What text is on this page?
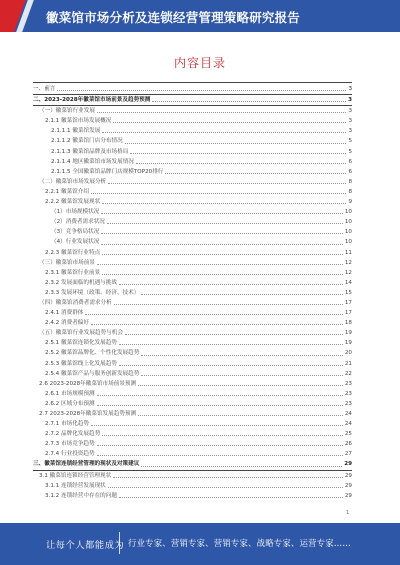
徽菜馆市场分析及连锁经营管理策略研究报告
内容目录
一、前言	3
二、2023-2028年徽菜馆市场前景及趋势预测	3
（一）徽菜馆行业发展	3
2.1.1 徽菜馆市场发展概况	3
2.1.1.1 徽菜馆发展	3
2.1.1.2 徽菜馆门店分布情况	5
2.1.1.3 徽菜馆品牌及市场格局	5
2.1.1.4 地区徽菜馆市场发展情况	6
2.1.1.5 全国徽菜馆品牌门店规模TOP20排行	6
（二）徽菜馆市场发展分析	8
2.2.1 徽菜馆介绍	8
2.2.2 徽菜馆发展现状	9
（1）市场规模状况	10
（2）消费者需求状况	10
（3）竞争格局状况	10
（4）行业发展状况	10
2.2.3 徽菜馆行业特点	11
（三）徽菜馆市场前景	12
2.3.1 徽菜馆行业前景	12
2.3.2 发展面临的机遇与挑战	14
2.3.3 发展环境（政策、经济、技术）	15
（四）徽菜馆消费者需求分析	17
2.4.1 消费群体	17
2.4.2 消费者偏好	18
（五）徽菜馆行业发展趋势与机会	19
2.5.1 徽菜馆连锁化发展趋势	19
2.5.2 徽菜馆品牌化、个性化发展趋势	20
2.5.3 徽菜馆线上化发展趋势	21
2.5.4 徽菜馆产品与服务创新发展趋势	22
2.6 2023-2028年徽菜馆市场前景预测	23
2.6.1 市场规模预测	23
2.6.2 区域分布预测	23
2.7 2023-2028年徽菜馆发展趋势预测	24
2.7.1 市场化趋势	24
2.7.2 品牌化发展趋势	25
2.7.3 市场竞争趋势	26
2.7.4 行业投资趋势	27
三、徽菜馆连锁经营管理的现状及对策建议	29
3.1 徽菜馆连锁经营管理现状	29
3.1.1 连锁经营发展现状	29
3.1.2 连锁经营中存在的问题	29
1
让每个人都能成为 行业专家、营销专家、营销专家、战略专家、运营专家……
